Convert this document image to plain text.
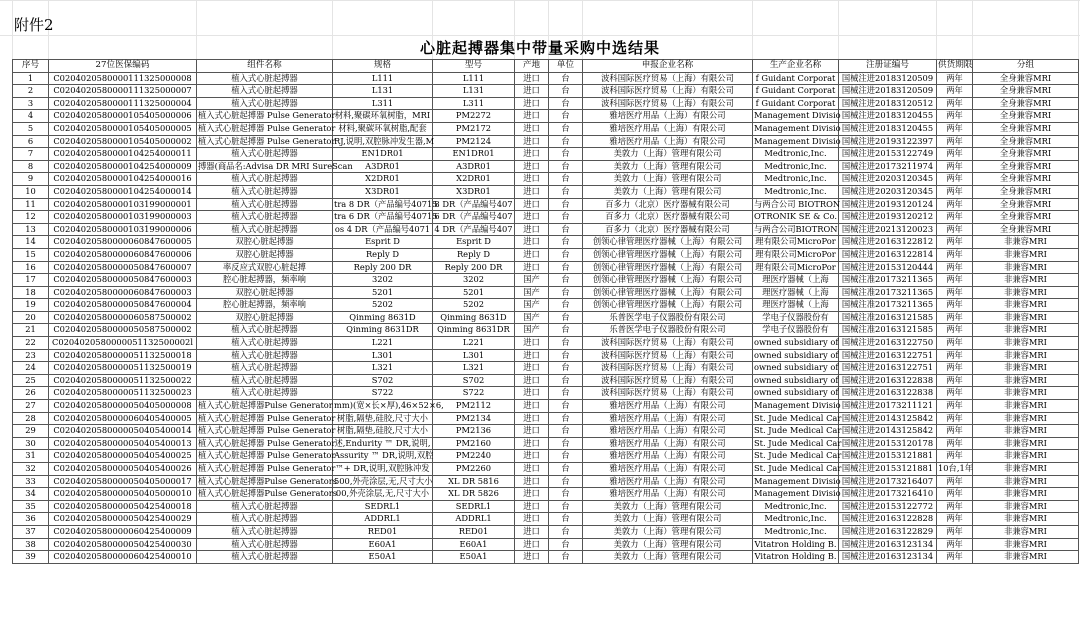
附件2
心脏起搏器集中带量采购中选结果
序号	27位医保编码	组件名称	规格	型号	产地	单位	申报企业名称	生产企业名称	注册证编号	供货期限	分组
1	C0204020580000111325000008	植入式心脏起搏器	L111	L111	进口	台	波科国际医疗贸易（上海）有限公司	f Guidant Corporat	国械注进20183120509	两年	全身兼容MRI
2	C0204020580000111325000007	植入式心脏起搏器	L131	L131	进口	台	波科国际医疗贸易（上海）有限公司	f Guidant Corporat	国械注进20183120509	两年	全身兼容MRI
3	C0204020580000111325000004	植入式心脏起搏器	L311	L311	进口	台	波科国际医疗贸易（上海）有限公司	f Guidant Corporat	国械注进20183120512	两年	全身兼容MRI
4	C0204020580000105405000006	植入式心脏起搏器 Pulse Generator	材料,聚碳环氧树脂，MRI	PM2272	进口	台	雅培医疗用品（上海）有限公司	Management Divisio	国械注进20183120455	两年	全身兼容MRI
5	C0204020580000105405000005	植入式心脏起搏器 Pulse Generator	材料,聚碳环氧树脂,配套	PM2172	进口	台	雅培医疗用品（上海）有限公司	Management Divisio	国械注进20183120455	两年	全身兼容MRI
6	C0204020580000105405000002	植入式心脏起搏器 Pulse Generator	RJ,说明,双腔脉冲发生器,M	PM2124	进口	台	雅培医疗用品（上海）有限公司	Management Divisio	国械注进20193122397	两年	全身兼容MRI
7	C0204020580000104254000011	植入式心脏起搏器	EN1DR01	EN1DR01	进口	台	美敦力（上海）管理有限公司	Medtronic,Inc.	国械注进20153122749	两年	全身兼容MRI
8	C0204020580000104254000009	搏器(商品名:Advisa DR MRI SureScan	A3DR01	A3DR01	进口	台	美敦力（上海）管理有限公司	Medtronic,Inc.	国械注进20173211974	两年	全身兼容MRI
9	C0204020580000104254000016	植入式心脏起搏器	X2DR01	X2DR01	进口	台	美敦力（上海）管理有限公司	Medtronic,Inc.	国械注进20203120345	两年	全身兼容MRI
10	C0204020580000104254000014	植入式心脏起搏器	X3DR01	X3DR01	进口	台	美敦力（上海）管理有限公司	Medtronic,Inc.	国械注进20203120345	两年	全身兼容MRI
11	C0204020580000103199000001	植入式心脏起搏器	tra 8 DR（产品编号40715	8 DR（产品编号407	进口	台	百多力（北京）医疗器械有限公司	与两合公司 BIOTRON	国械注进20193120124	两年	全身兼容MRI
12	C0204020580000103199000003	植入式心脏起搏器	tra 6 DR（产品编号40715	6 DR（产品编号407	进口	台	百多力（北京）医疗器械有限公司	OTRONIK SE & Co.	国械注进20193120212	两年	全身兼容MRI
13	C0204020580000103199000006	植入式心脏起搏器	os 4 DR（产品编号4071	4 DR（产品编号407	进口	台	百多力（北京）医疗器械有限公司	与两合公司BIOTRON	国械注进20213120023	两年	全身兼容MRI
14	C0204020580000060847600005	双腔心脏起搏器	Esprit D	Esprit D	进口	台	创领心律管理医疗器械（上海）有限公司	理有限公司MicroPor	国械注进20163122812	两年	非兼容MRI
15	C0204020580000060847600006	双腔心脏起搏器	Reply D	Reply D	进口	台	创领心律管理医疗器械（上海）有限公司	理有限公司MicroPor	国械注进20163122814	两年	非兼容MRI
16	C0204020580000050847600007	率反应式双腔心脏起搏	Reply 200 DR	Reply 200 DR	进口	台	创领心律管理医疗器械（上海）有限公司	理有限公司MicroPor	国械注进20153120444	两年	非兼容MRI
17	C0204020580000050847600003	腔心脏起搏器，频率响	3202	3202	国产	台	创领心律管理医疗器械（上海）有限公司	理医疗器械（上海	国械注准20173211365	两年	非兼容MRI
18	C0204020580000060847600003	双腔心脏起搏器	5201	5201	国产	台	创领心律管理医疗器械（上海）有限公司	理医疗器械（上海	国械注准20173211365	两年	非兼容MRI
19	C0204020580000050847600004	腔心脏起搏器，频率响	5202	5202	国产	台	创领心律管理医疗器械（上海）有限公司	理医疗器械（上海	国械注准20173211365	两年	非兼容MRI
20	C0204020580000060587500002	双腔心脏起搏器	Qinming 8631D	Qinming 8631D	国产	台	乐普医学电子仪器股份有限公司	学电子仪器股份有	国械注准20163121585	两年	非兼容MRI
21	C0204020580000050587500002	植入式心脏起搏器	Qinming 8631DR	Qinming 8631DR	国产	台	乐普医学电子仪器股份有限公司	学电子仪器股份有	国械注准20163121585	两年	非兼容MRI
22	C0204020580000051132500002l	植入式心脏起搏器	L221	L221	进口	台	波科国际医疗贸易（上海）有限公司	owned subsidiary of	国械注进20163122750	两年	非兼容MRI
23	C0204020580000051132500018	植入式心脏起搏器	L301	L301	进口	台	波科国际医疗贸易（上海）有限公司	owned subsidiary of	国械注进20163122751	两年	非兼容MRI
24	C0204020580000051132500019	植入式心脏起搏器	L321	L321	进口	台	波科国际医疗贸易（上海）有限公司	owned subsidiary of	国械注进20163122751	两年	非兼容MRI
25	C0204020580000051132500022	植入式心脏起搏器	S702	S702	进口	台	波科国际医疗贸易（上海）有限公司	owned subsidiary of	国械注进20163122838	两年	非兼容MRI
26	C0204020580000051132500023	植入式心脏起搏器	S722	S722	进口	台	波科国际医疗贸易（上海）有限公司	owned subsidiary of	国械注进20163122838	两年	非兼容MRI
27	C0204020580000050405000008	植入式心脏起搏器Pulse Generator	mm)(宽×长×厚),46×52×6,	PM2112	进口	台	雅培医疗用品（上海）有限公司	Management Divisio	国械注进20173211121	两年	非兼容MRI
28	C0204020580000060405400005	植入式心脏起搏器 Pulse Generator	树脂,隔垫,硅胶,尺寸大小	PM2134	进口	台	雅培医疗用品（上海）有限公司	St. Jude Medical Car	国械注进20143125842	两年	非兼容MRI
29	C0204020580000050405400014	植入式心脏起搏器 Pulse Generator	树脂,隔垫,硅胶,尺寸大小	PM2136	进口	台	雅培医疗用品（上海）有限公司	St. Jude Medical Car	国械注进20143125842	两年	非兼容MRI
30	C0204020580000050405400013	植入式心脏起搏器 Pulse Generator	述,Endurity ™ DR,说明,	PM2160	进口	台	雅培医疗用品（上海）有限公司	St. Jude Medical Car	国械注进20153120178	两年	非兼容MRI
31	C0204020580000050405400025	植入式心脏起搏器 Pulse Generator	Assurity ™ DR,说明,双腔	PM2240	进口	台	雅培医疗用品（上海）有限公司	St. Jude Medical Car	国械注进20153121881	两年	非兼容MRI
32	C0204020580000050405400026	植入式心脏起搏器 Pulse Generator	™+ DR,说明,双腔脉冲发	PM2260	进口	台	雅培医疗用品（上海）有限公司	St. Jude Medical Car	国械注进20153121881	10台,1年	非兼容MRI
33	C0204020580000050405000017	植入式心脏起搏器Pulse Generators	500,外壳涂层,无,尺寸大小	XL DR 5816	进口	台	雅培医疗用品（上海）有限公司	Management Divisio	国械注进20173216407	两年	非兼容MRI
34	C0204020580000050405000010	植入式心脏起搏器Pulse Generators	00,外壳涂层,无,尺寸大小	XL DR 5826	进口	台	雅培医疗用品（上海）有限公司	Management Divisio	国械注进20173216410	两年	非兼容MRI
35	C0204020580000050425400018	植入式心脏起搏器	SEDRL1	SEDRL1	进口	台	美敦力（上海）管理有限公司	Medtronic,Inc.	国械注进20153122772	两年	非兼容MRI
36	C0204020580000050425400029	植入式心脏起搏器	ADDRL1	ADDRL1	进口	台	美敦力（上海）管理有限公司	Medtronic,Inc.	国械注进20163122828	两年	非兼容MRI
37	C0204020580000060425400009	植入式心脏起搏器	RED01	RED01	进口	台	美敦力（上海）管理有限公司	Medtronic,Inc.	国械注进20163122829	两年	非兼容MRI
38	C0204020580000050425400030	植入式心脏起搏器	E60A1	E60A1	进口	台	美敦力（上海）管理有限公司	Vitatron Holding B.	国械注进20163123134	两年	非兼容MRI
39	C0204020580000060425400010	植入式心脏起搏器	E50A1	E50A1	进口	台	美敦力（上海）管理有限公司	Vitatron Holding B.	国械注进20163123134	两年	非兼容MRI
